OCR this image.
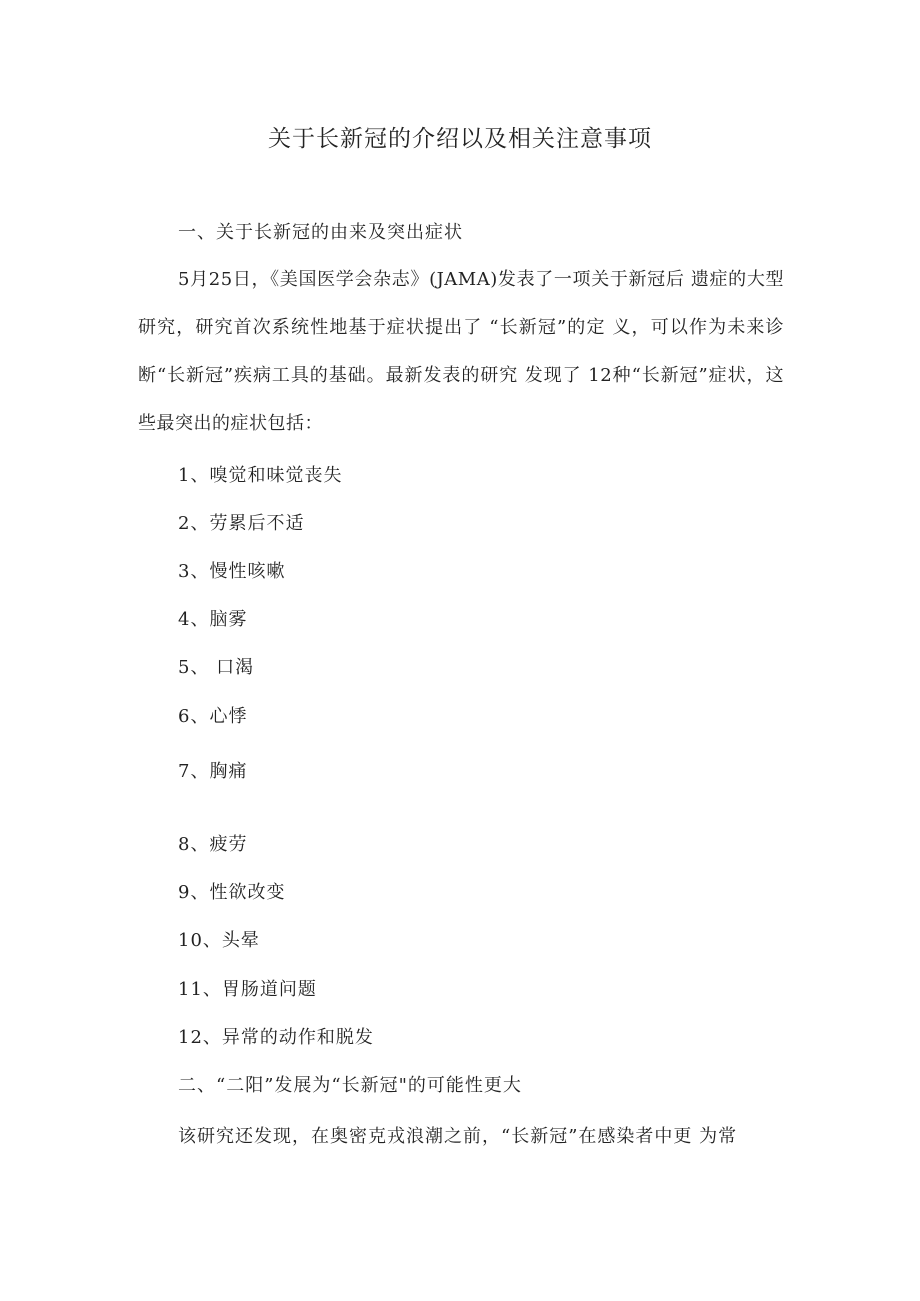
关于长新冠的介绍以及相关注意事项
一、关于长新冠的由来及突出症状
5月25日，《美国医学会杂志》(JAMA)发表了一项关于新冠后 遗症的大型研究，研究首次系统性地基于症状提出了 “长新冠”的定 义，可以作为未来诊断“长新冠”疾病工具的基础。最新发表的研究 发现了 12种“长新冠”症状，这些最突出的症状包括：
1、嗅觉和味觉丧失
2、劳累后不适
3、慢性咳嗽
4、脑雾
5、 口渴
6、心悸
7、胸痛
8、疲劳
9、性欲改变
10、头晕
11、胃肠道问题
12、异常的动作和脱发
二、“二阳”发展为“长新冠"的可能性更大
该研究还发现，在奥密克戎浪潮之前，“长新冠”在感染者中更 为常
